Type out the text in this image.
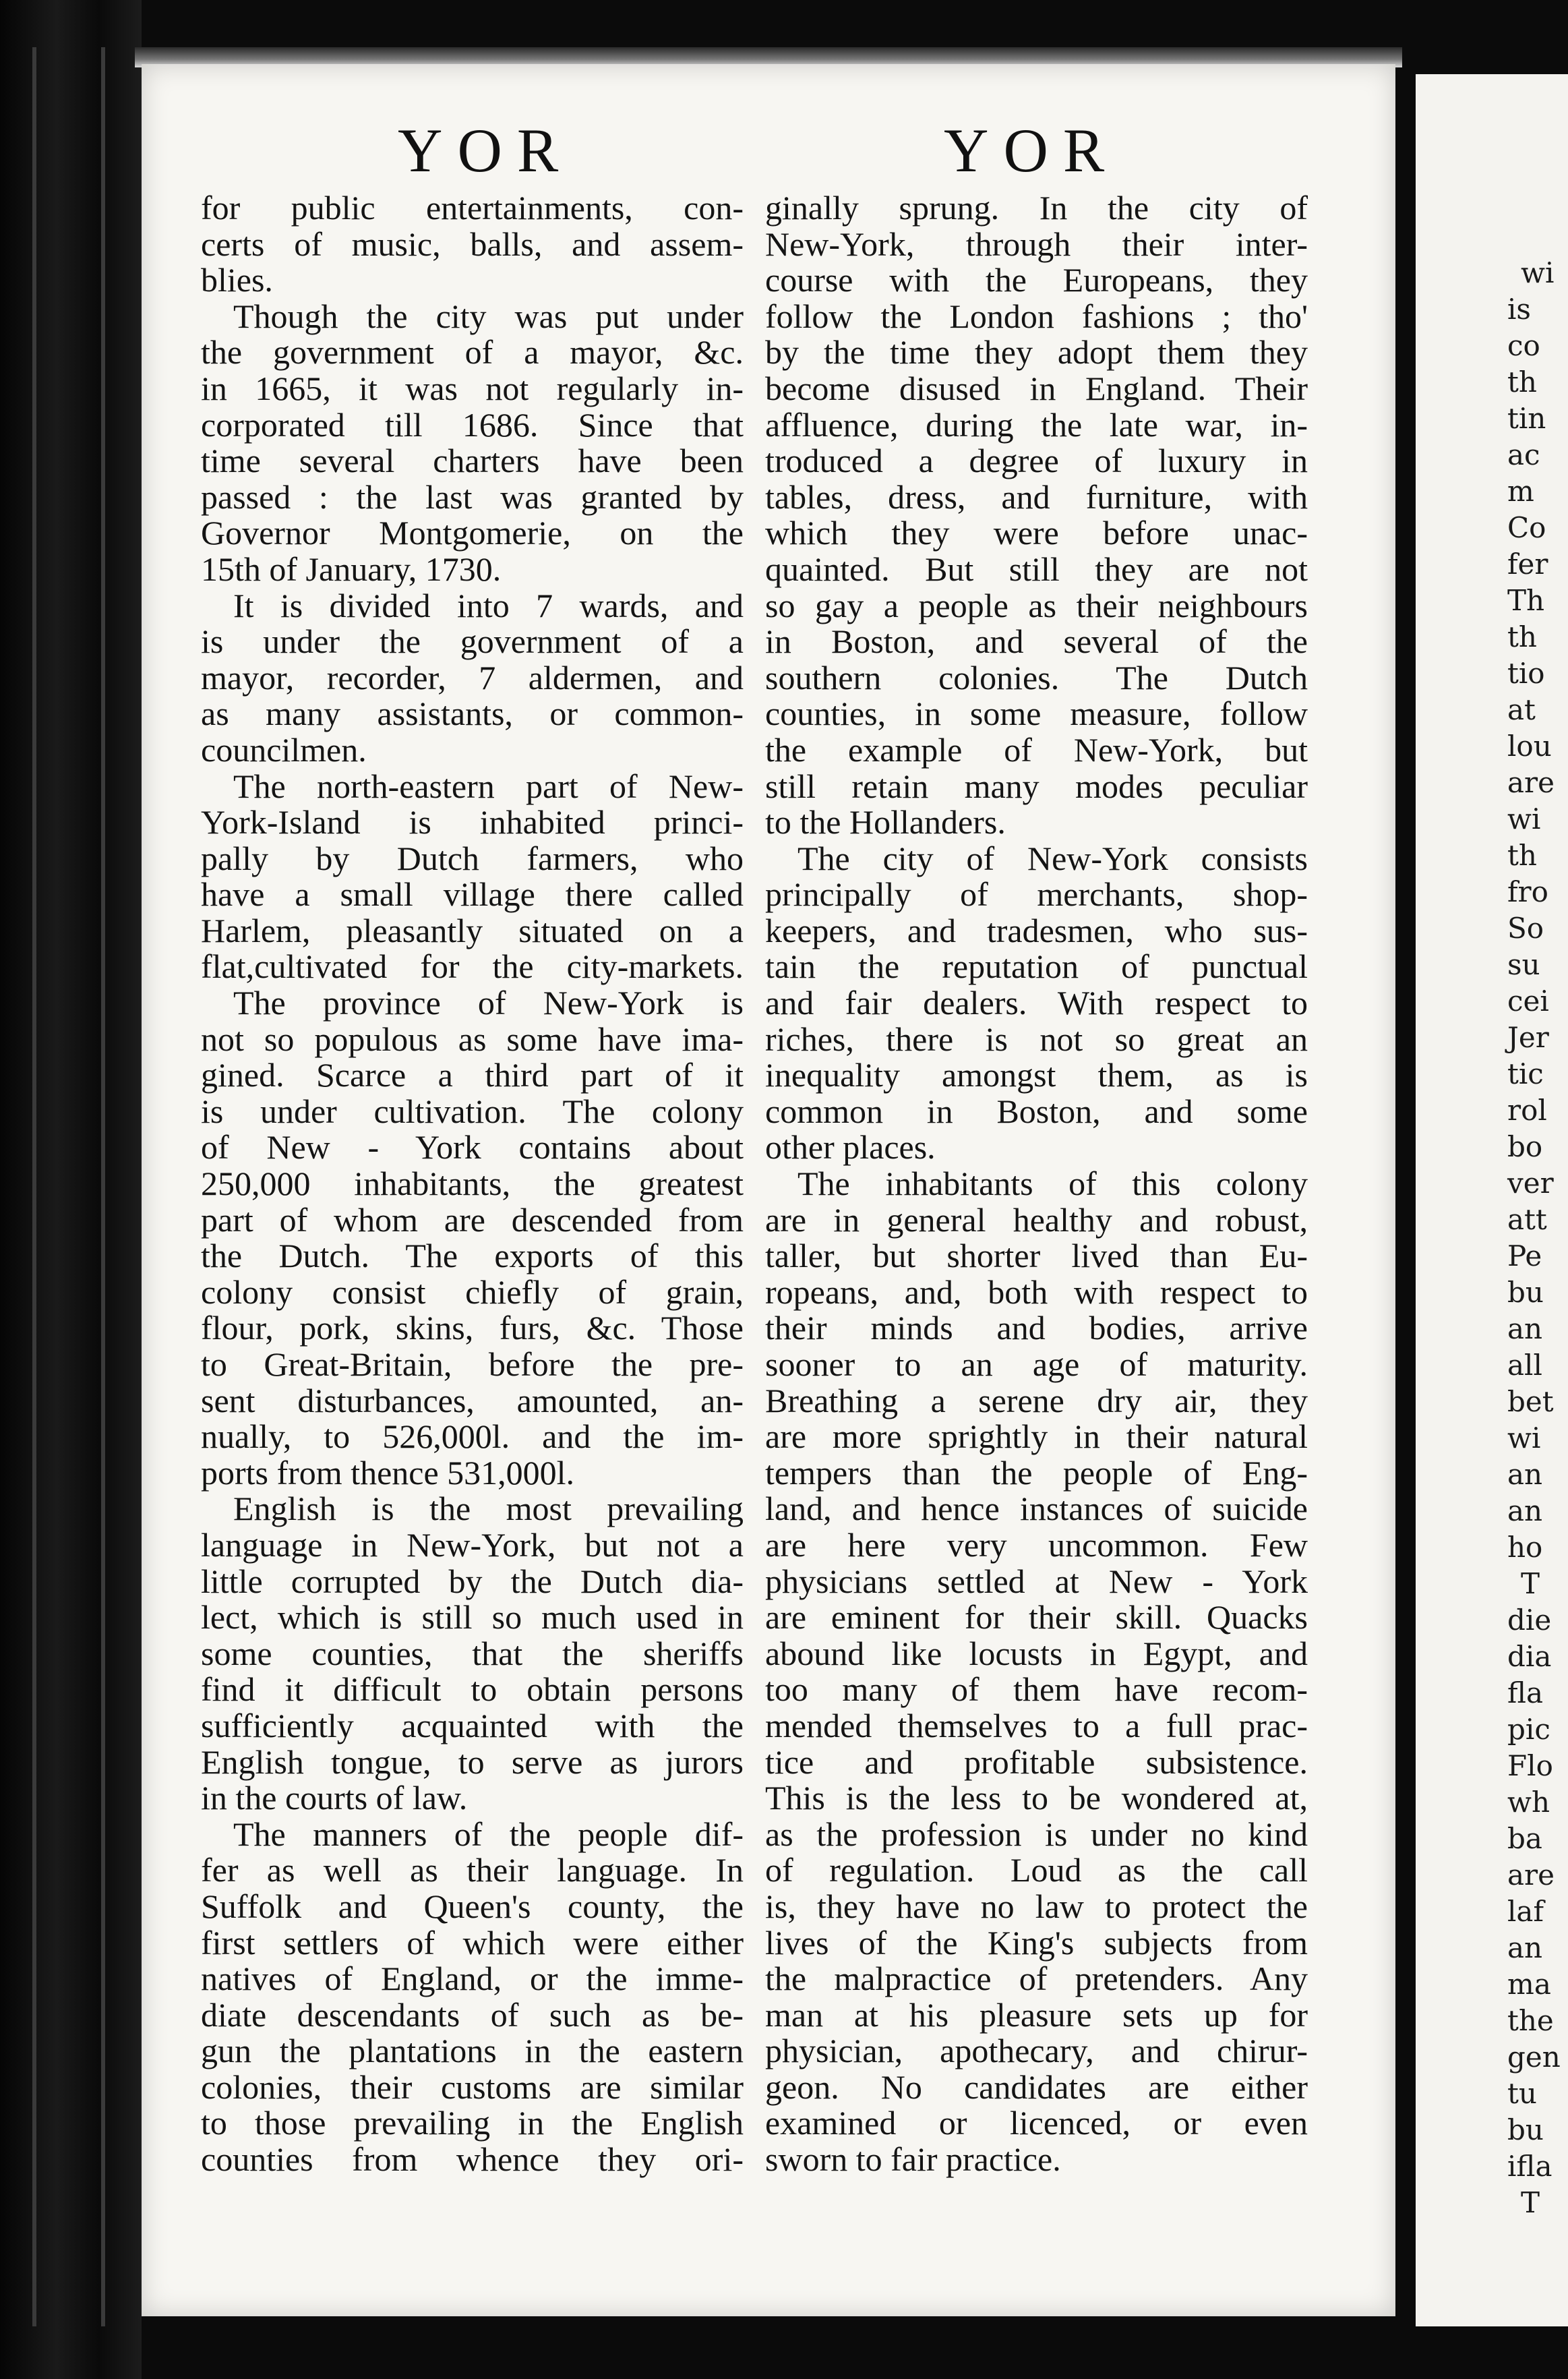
YOR	YOR
for public entertainments, con-
certs of music, balls, and assem-
blies.
Though the city was put under
the government of a mayor, &c.
in 1665, it was not regularly in-
corporated till 1686. Since that
time several charters have been
passed : the last was granted by
Governor Montgomerie, on the
15th of January, 1730.
It is divided into 7 wards, and
is under the government of a
mayor, recorder, 7 aldermen, and
as many assistants, or common-
councilmen.
The north-eastern part of New-
York-Island is inhabited princi-
pally by Dutch farmers, who
have a small village there called
Harlem, pleasantly situated on a
flat,cultivated for the city-markets.
The province of New-York is
not so populous as some have ima-
gined. Scarce a third part of it
is under cultivation. The colony
of New - York contains about
250,000 inhabitants, the greatest
part of whom are descended from
the Dutch. The exports of this
colony consist chiefly of grain,
flour, pork, skins, furs, &c. Those
to Great-Britain, before the pre-
sent disturbances, amounted, an-
nually, to 526,000l. and the im-
ports from thence 531,000l.
English is the most prevailing
language in New-York, but not a
little corrupted by the Dutch dia-
lect, which is still so much used in
some counties, that the sheriffs
find it difficult to obtain persons
sufficiently acquainted with the
English tongue, to serve as jurors
in the courts of law.
The manners of the people dif-
fer as well as their language. In
Suffolk and Queen's county, the
first settlers of which were either
natives of England, or the imme-
diate descendants of such as be-
gun the plantations in the eastern
colonies, their customs are similar
to those prevailing in the English
counties from whence they ori-
ginally sprung. In the city of
New-York, through their inter-
course with the Europeans, they
follow the London fashions ; tho'
by the time they adopt them they
become disused in England. Their
affluence, during the late war, in-
troduced a degree of luxury in
tables, dress, and furniture, with
which they were before unac-
quainted. But still they are not
so gay a people as their neighbours
in Boston, and several of the
southern colonies. The Dutch
counties, in some measure, follow
the example of New-York, but
still retain many modes peculiar
to the Hollanders.
The city of New-York consists
principally of merchants, shop-
keepers, and tradesmen, who sus-
tain the reputation of punctual
and fair dealers. With respect to
riches, there is not so great an
inequality amongst them, as is
common in Boston, and some
other places.
The inhabitants of this colony
are in general healthy and robust,
taller, but shorter lived than Eu-
ropeans, and, both with respect to
their minds and bodies, arrive
sooner to an age of maturity.
Breathing a serene dry air, they
are more sprightly in their natural
tempers than the people of Eng-
land, and hence instances of suicide
are here very uncommon. Few
physicians settled at New - York
are eminent for their skill. Quacks
abound like locusts in Egypt, and
too many of them have recom-
mended themselves to a full prac-
tice and profitable subsistence.
This is the less to be wondered at,
as the profession is under no kind
of regulation. Loud as the call
is, they have no law to protect the
lives of the King's subjects from
the malpractice of pretenders. Any
man at his pleasure sets up for
physician, apothecary, and chirur-
geon. No candidates are either
examined or licenced, or even
sworn to fair practice.
wi
is
co
th
tin
ac
m
Co
fer
Th
th
tio
at
lou
are
wi
th
fro
So
su
cei
Jer
tic
rol
bo
ver
att
Pe
bu
an
all
bet
wi
an
an
ho
T
die
dia
fla
pic
Flo
wh
ba
are
laf
an
ma
the
gen
tu
bu
ifla
T
